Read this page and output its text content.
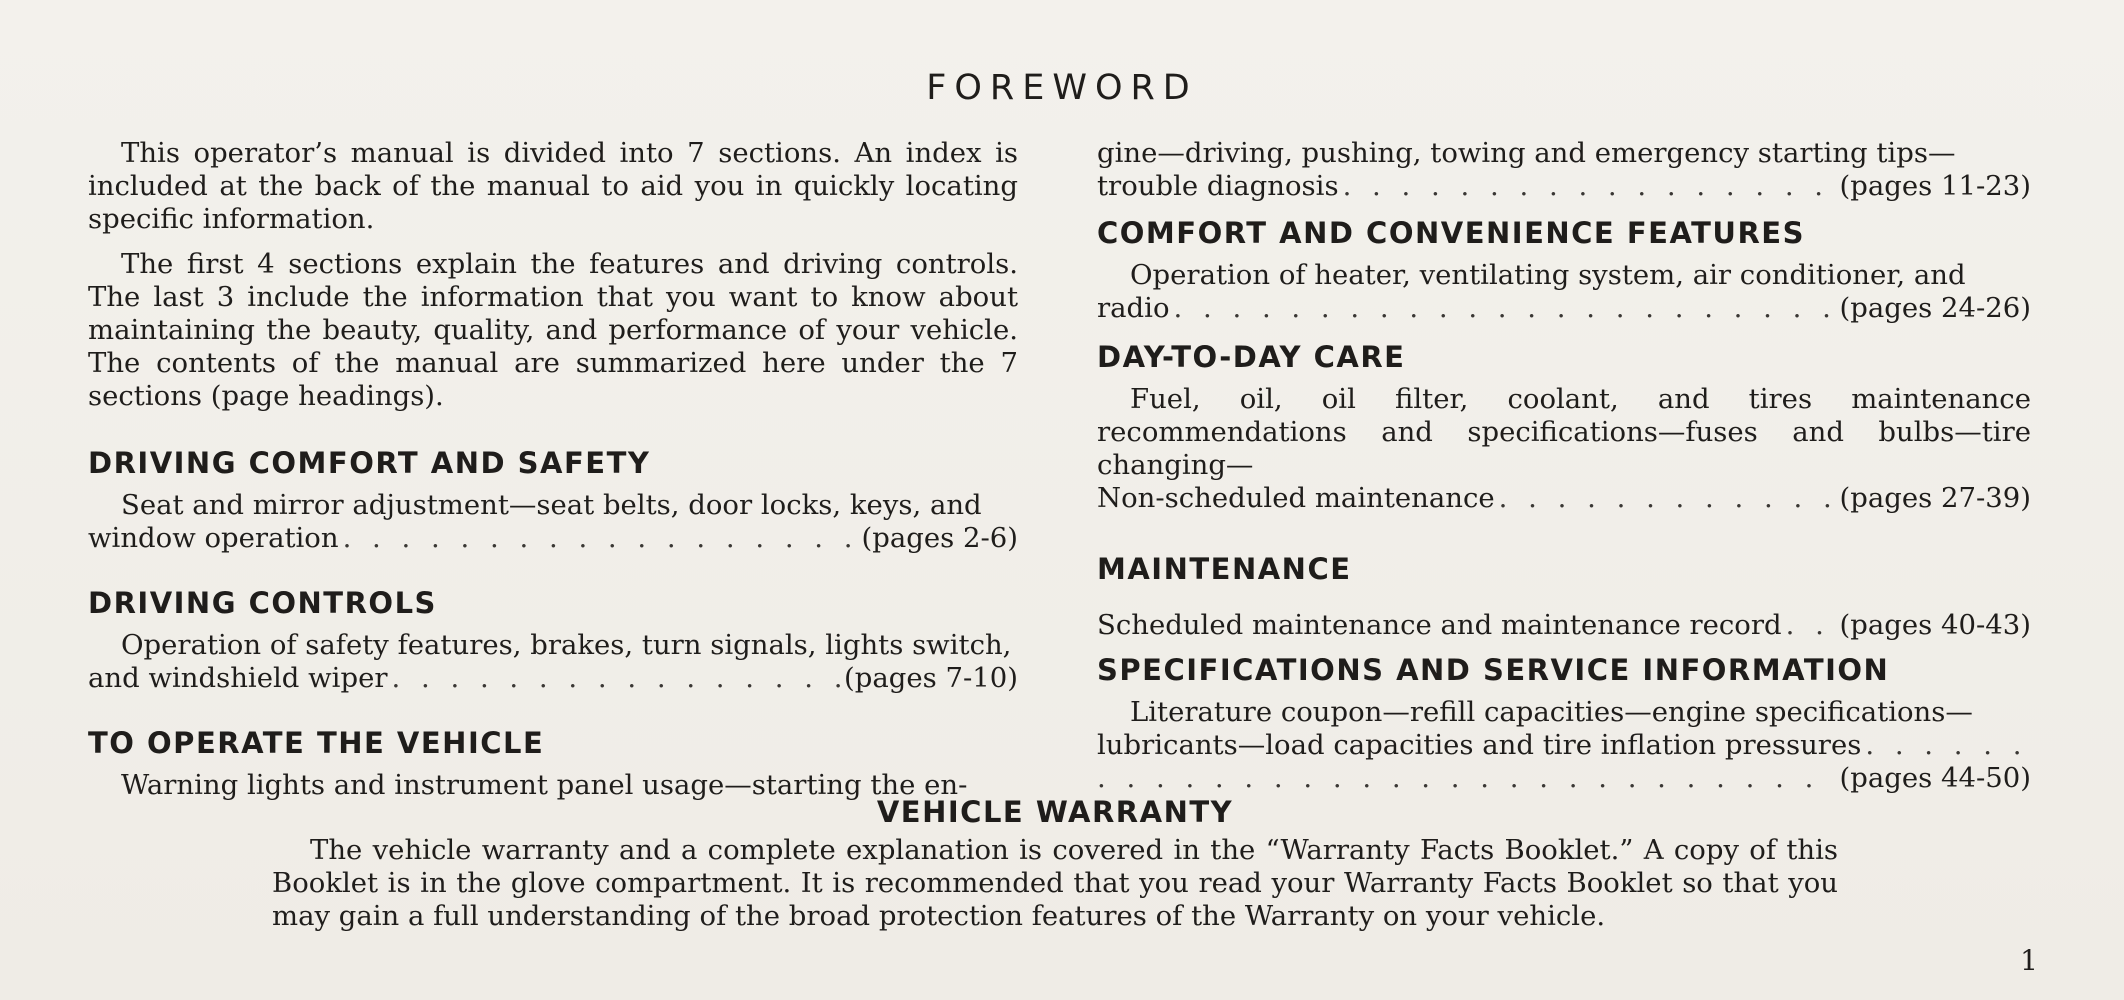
FOREWORD

This operator’s manual is divided into 7 sections. An index is included at the back of the manual to aid you in quickly locating specific information.

The first 4 sections explain the features and driving controls. The last 3 include the information that you want to know about maintaining the beauty, quality, and performance of your vehicle. The contents of the manual are summarized here under the 7 sections (page headings).

DRIVING COMFORT AND SAFETY

Seat and mirror adjustment—seat belts, door locks, keys, and

window operation . . .	(pages 2-6)
DRIVING CONTROLS

Operation of safety features, brakes, turn signals, lights switch,

and windshield wiper . . .	(pages 7-10)
TO OPERATE THE VEHICLE

Warning lights and instrument panel usage—starting the en-

gine—driving, pushing, towing and emergency starting tips—

trouble diagnosis . . .	(pages 11-23)
COMFORT AND CONVENIENCE FEATURES

Operation of heater, ventilating system, air conditioner, and

radio . . .	(pages 24-26)
DAY-TO-DAY CARE

Fuel, oil, oil filter, coolant, and tires maintenance recommendations and specifications—fuses and bulbs—tire changing—

Non-scheduled maintenance . . .	(pages 27-39)
MAINTENANCE
Scheduled maintenance and maintenance record . . . (pages 40-43)
SPECIFICATIONS AND SERVICE INFORMATION

Literature coupon—refill capacities—engine specifications—

lubricants—load capacities and tire inflation pressures
. . .
. . .
(pages 44-50)
VEHICLE WARRANTY

The vehicle warranty and a complete explanation is covered in the “Warranty Facts Booklet.” A copy of this Booklet is in the glove compartment. It is recommended that you read your Warranty Facts Booklet so that you may gain a full understanding of the broad protection features of the Warranty on your vehicle.

1
